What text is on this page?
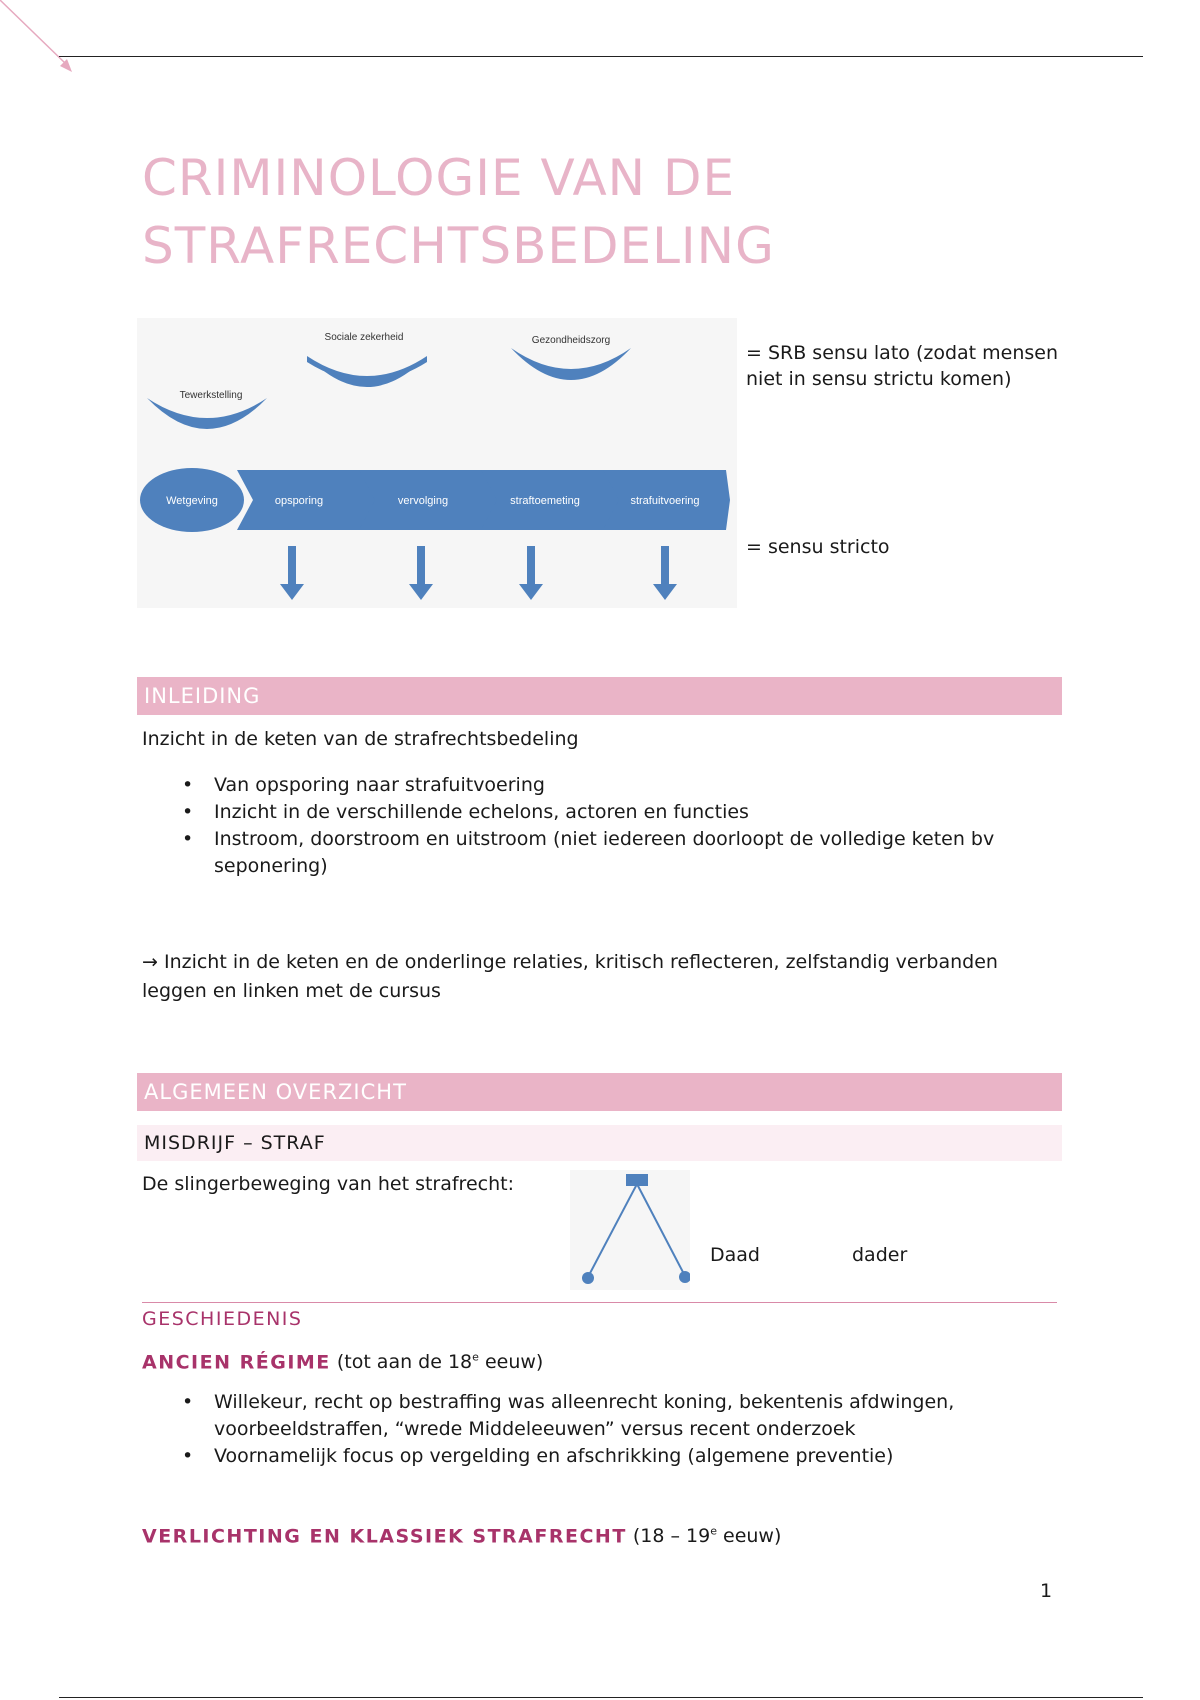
CRIMINOLOGIE VAN DE
STRAFRECHTSBEDELING
Sociale zekerheid	Gezondheidszorg
Tewerkstelling
Wetgeving	opsporing	vervolging	straftoemeting	strafuitvoering
= SRB sensu lato (zodat mensen niet in sensu strictu komen)
= sensu stricto
INLEIDING
Inzicht in de keten van de strafrechtsbedeling
• Van opsporing naar strafuitvoering
• Inzicht in de verschillende echelons, actoren en functies
• Instroom, doorstroom en uitstroom (niet iedereen doorloopt de volledige keten bv seponering)
→ Inzicht in de keten en de onderlinge relaties, kritisch reflecteren, zelfstandig verbanden leggen en linken met de cursus
ALGEMEEN OVERZICHT
MISDRIJF – STRAF
De slingerbeweging van het strafrecht:
Daad	dader
GESCHIEDENIS
ANCIEN RÉGIME (tot aan de 18e eeuw)
• Willekeur, recht op bestraffing was alleenrecht koning, bekentenis afdwingen, voorbeeldstraffen, “wrede Middeleeuwen” versus recent onderzoek
• Voornamelijk focus op vergelding en afschrikking (algemene preventie)
VERLICHTING EN KLASSIEK STRAFRECHT (18 – 19e eeuw)
1
